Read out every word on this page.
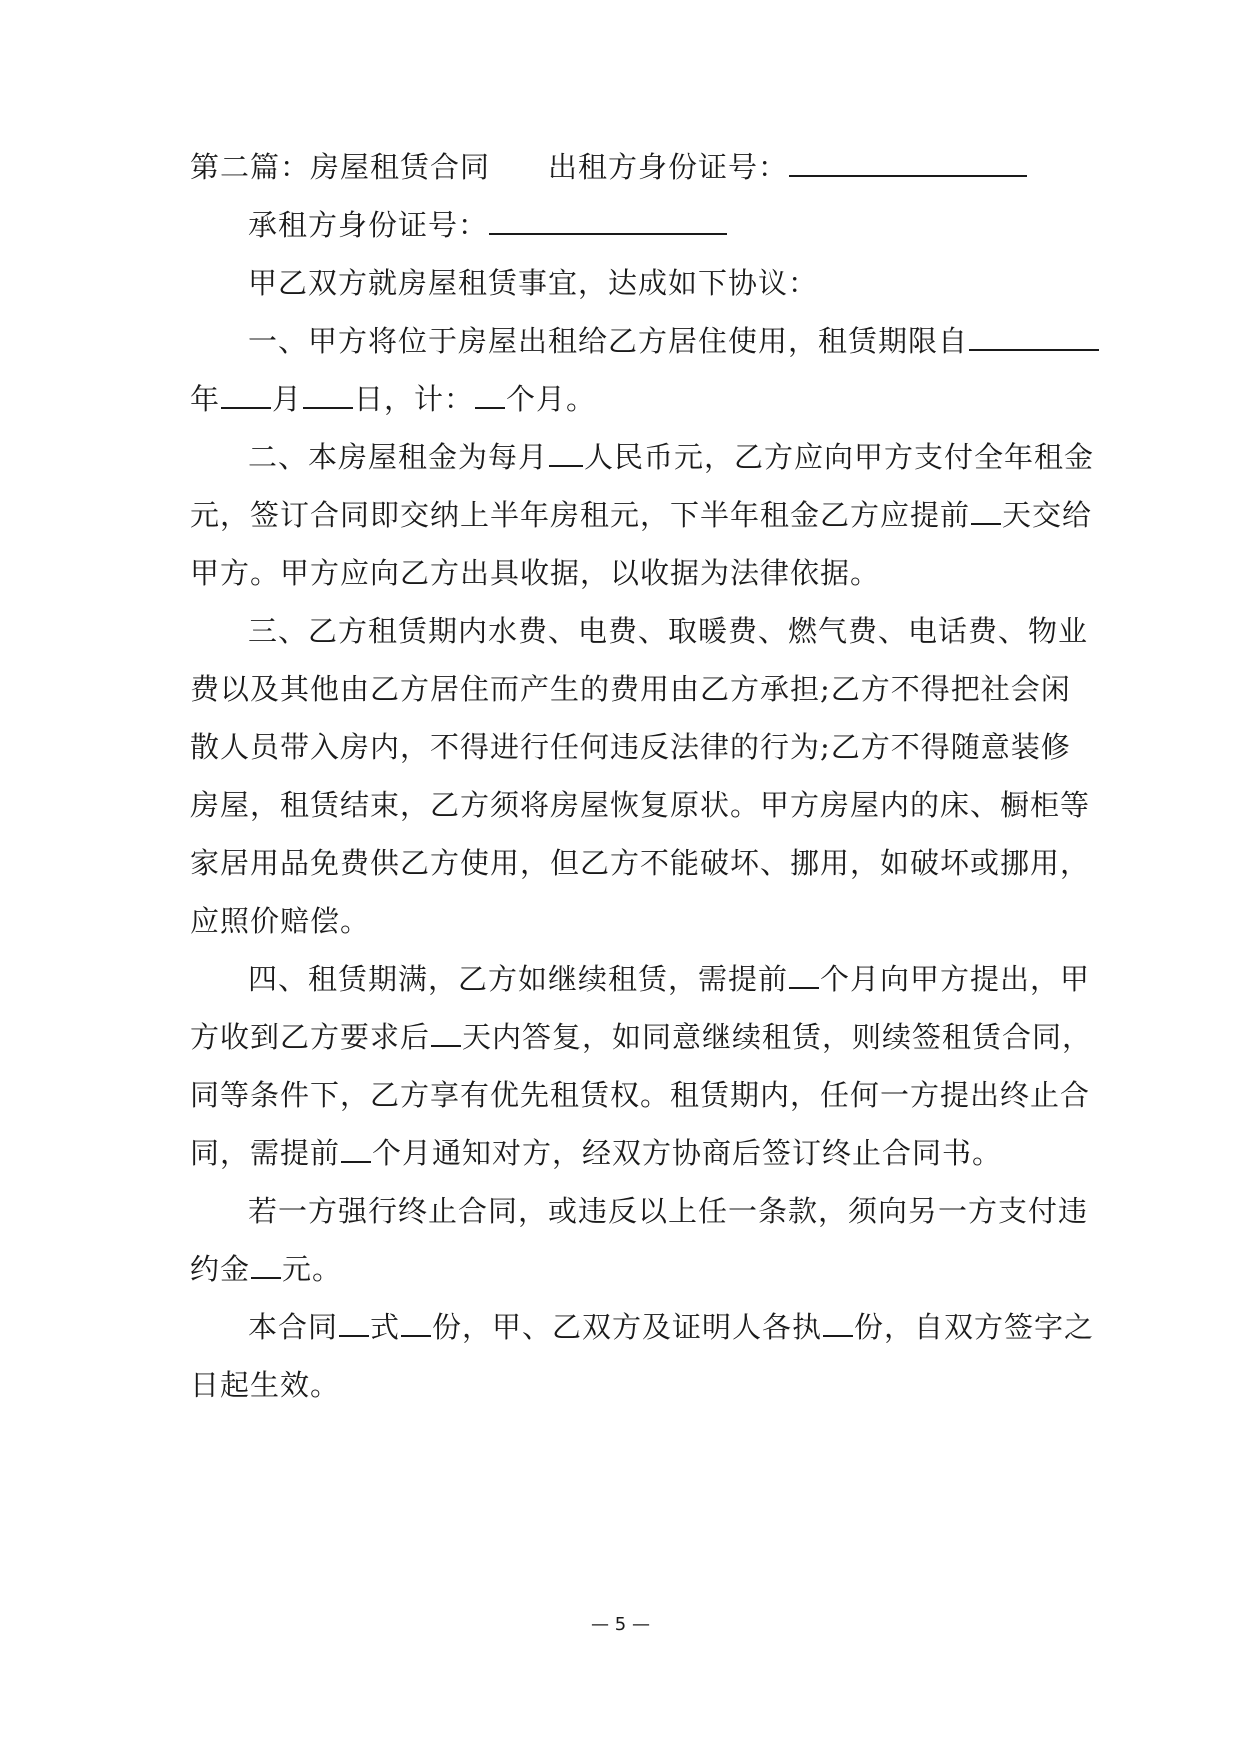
第二篇：房屋租赁合同 出租方身份证号：
承租方身份证号：
甲乙双方就房屋租赁事宜，达成如下协议：
一、甲方将位于房屋出租给乙方居住使用，租赁期限自
年 月 日，计： 个月。
二、本房屋租金为每月 人民币元，乙方应向甲方支付全年租金
元，签订合同即交纳上半年房租元，下半年租金乙方应提前 天交给
甲方。甲方应向乙方出具收据，以收据为法律依据。
三、乙方租赁期内水费、电费、取暖费、燃气费、电话费、物业
费以及其他由乙方居住而产生的费用由乙方承担;乙方不得把社会闲
散人员带入房内，不得进行任何违反法律的行为;乙方不得随意装修
房屋，租赁结束，乙方须将房屋恢复原状。甲方房屋内的床、橱柜等
家居用品免费供乙方使用，但乙方不能破坏、挪用，如破坏或挪用，
应照价赔偿。
四、租赁期满，乙方如继续租赁，需提前 个月向甲方提出，甲
方收到乙方要求后 天内答复，如同意继续租赁，则续签租赁合同，
同等条件下，乙方享有优先租赁权。租赁期内，任何一方提出终止合
同，需提前 个月通知对方，经双方协商后签订终止合同书。
若一方强行终止合同，或违反以上任一条款，须向另一方支付违
约金 元。
本合同 式 份，甲、乙双方及证明人各执 份，自双方签字之
日起生效。
— 5 —
